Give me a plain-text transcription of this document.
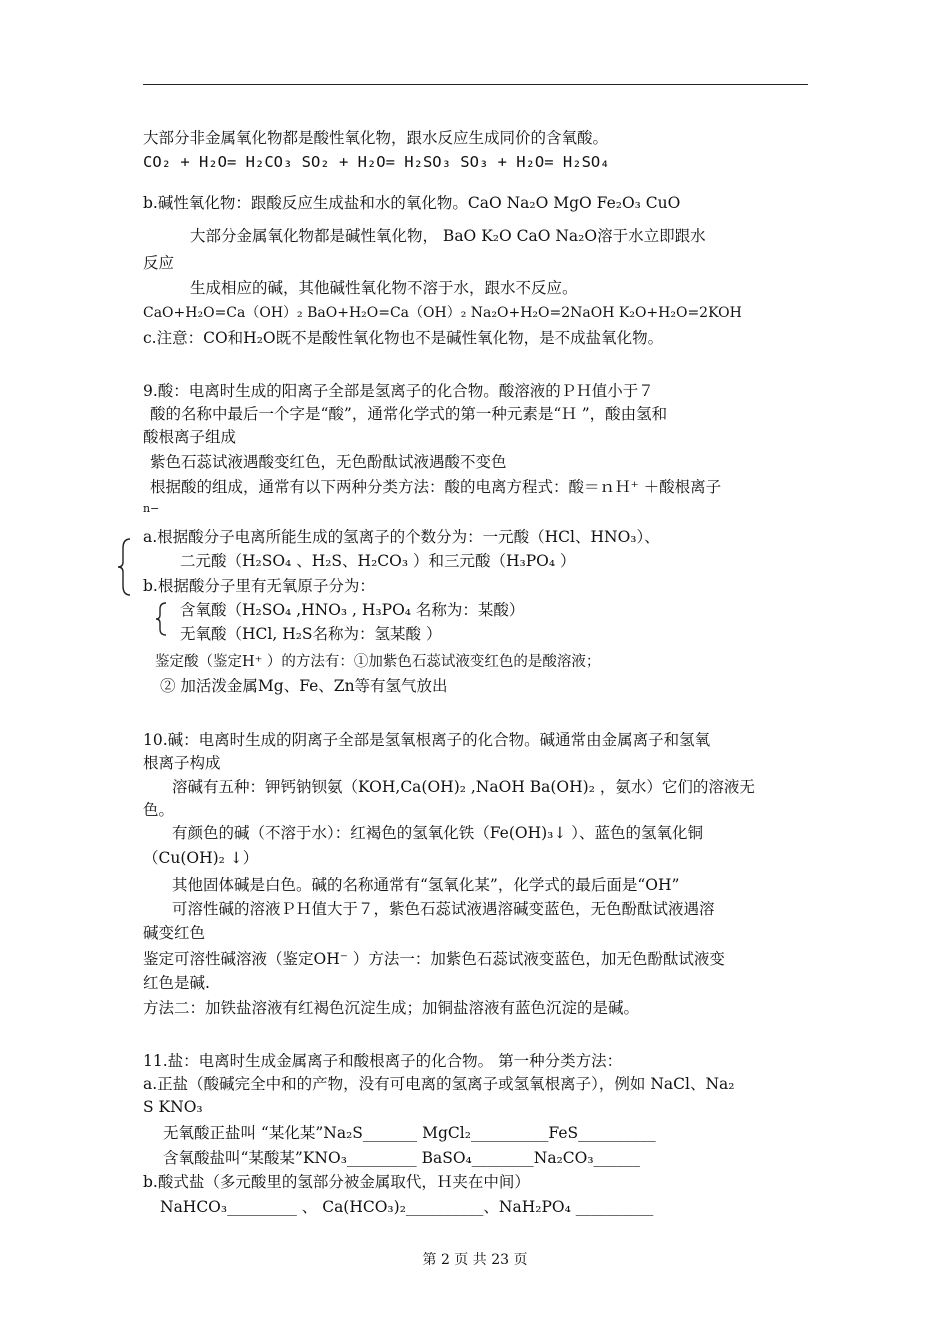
大部分非金属氧化物都是酸性氧化物，跟水反应生成同价的含氧酸。
CO₂ + H₂O= H₂CO₃ SO₂ + H₂O= H₂SO₃ SO₃ + H₂O= H₂SO₄
b.碱性氧化物：跟酸反应生成盐和水的氧化物。CaO Na₂O MgO Fe₂O₃ CuO
大部分金属氧化物都是碱性氧化物， BaO K₂O CaO Na₂O溶于水立即跟水
反应
生成相应的碱，其他碱性氧化物不溶于水，跟水不反应。
CaO+H₂O=Ca（OH）₂ BaO+H₂O=Ca（OH）₂ Na₂O+H₂O=2NaOH K₂O+H₂O=2KOH
c.注意：CO和H₂O既不是酸性氧化物也不是碱性氧化物，是不成盐氧化物。
9.酸：电离时生成的阳离子全部是氢离子的化合物。酸溶液的ＰＨ值小于７
酸的名称中最后一个字是“酸”，通常化学式的第一种元素是“Ｈ ”，酸由氢和
酸根离子组成
紫色石蕊试液遇酸变红色，无色酚酞试液遇酸不变色
根据酸的组成，通常有以下两种分类方法：酸的电离方程式：酸＝ｎＨ⁺ ＋酸根离子
n−
a.根据酸分子电离所能生成的氢离子的个数分为：一元酸（HCl、HNO₃）、
二元酸（H₂SO₄ 、H₂S、H₂CO₃ ）和三元酸（H₃PO₄ ）
b.根据酸分子里有无氧原子分为：
含氧酸（H₂SO₄ ,HNO₃ , H₃PO₄ 名称为：某酸）
无氧酸（HCl, H₂S名称为：氢某酸 ）
鉴定酸（鉴定H⁺ ）的方法有：①加紫色石蕊试液变红色的是酸溶液；
② 加活泼金属Mg、Fe、Zn等有氢气放出
10.碱：电离时生成的阴离子全部是氢氧根离子的化合物。碱通常由金属离子和氢氧
根离子构成
溶碱有五种：钾钙钠钡氨（KOH,Ca(OH)₂ ,NaOH Ba(OH)₂ ，氨水）它们的溶液无
色。
有颜色的碱（不溶于水）：红褐色的氢氧化铁（Fe(OH)₃↓ ）、蓝色的氢氧化铜
（Cu(OH)₂ ↓）
其他固体碱是白色。碱的名称通常有“氢氧化某”，化学式的最后面是“OH”
可溶性碱的溶液ＰＨ值大于７，紫色石蕊试液遇溶碱变蓝色，无色酚酞试液遇溶
碱变红色
鉴定可溶性碱溶液（鉴定OH⁻ ）方法一：加紫色石蕊试液变蓝色，加无色酚酞试液变
红色是碱.
方法二：加铁盐溶液有红褐色沉淀生成；加铜盐溶液有蓝色沉淀的是碱。
11.盐：电离时生成金属离子和酸根离子的化合物。 第一种分类方法：
a.正盐（酸碱完全中和的产物，没有可电离的氢离子或氢氧根离子），例如 NaCl、Na₂
S KNO₃
无氧酸正盐叫 “某化某”Na₂S_______ MgCl₂__________FeS__________
含氧酸盐叫“某酸某”KNO₃_________ BaSO₄________Na₂CO₃______
b.酸式盐（多元酸里的氢部分被金属取代，Ｈ夹在中间）
NaHCO₃_________ 、 Ca(HCO₃)₂__________、NaH₂PO₄ __________
第 2 页 共 23 页
